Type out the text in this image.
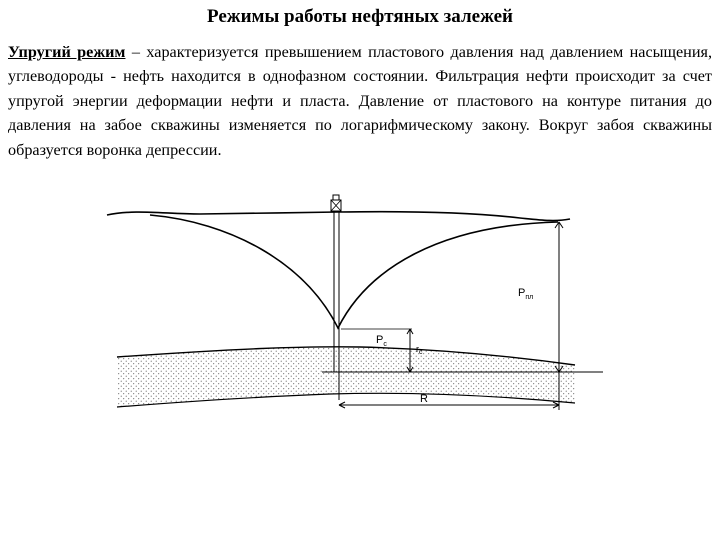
Режимы работы нефтяных залежей
Упругий режим – характеризуется превышением пластового давления над давлением насыщения, углеводороды - нефть находится в однофазном состоянии. Фильтрация нефти происходит за счет упругой энергии деформации нефти и пласта. Давление от пластового на контуре питания до давления на забое скважины изменяется по логарифмическому закону. Вокруг забоя скважины образуется воронка депрессии.
$P_{пл}$
$P_c$	$r_c$
R
